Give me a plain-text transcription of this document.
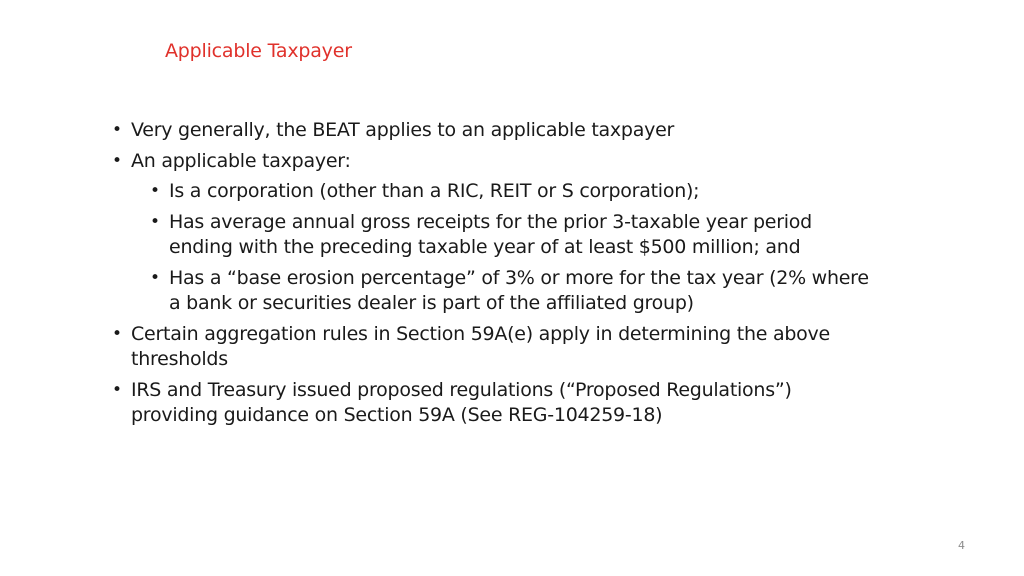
Applicable Taxpayer
• Very generally, the BEAT applies to an applicable taxpayer
• An applicable taxpayer:
• Is a corporation (other than a RIC, REIT or S corporation);
• Has average annual gross receipts for the prior 3-taxable year period ending with the preceding taxable year of at least $500 million; and
• Has a “base erosion percentage” of 3% or more for the tax year (2% where a bank or securities dealer is part of the affiliated group)
• Certain aggregation rules in Section 59A(e) apply in determining the above thresholds
• IRS and Treasury issued proposed regulations (“Proposed Regulations”) providing guidance on Section 59A (See REG-104259-18)
4
